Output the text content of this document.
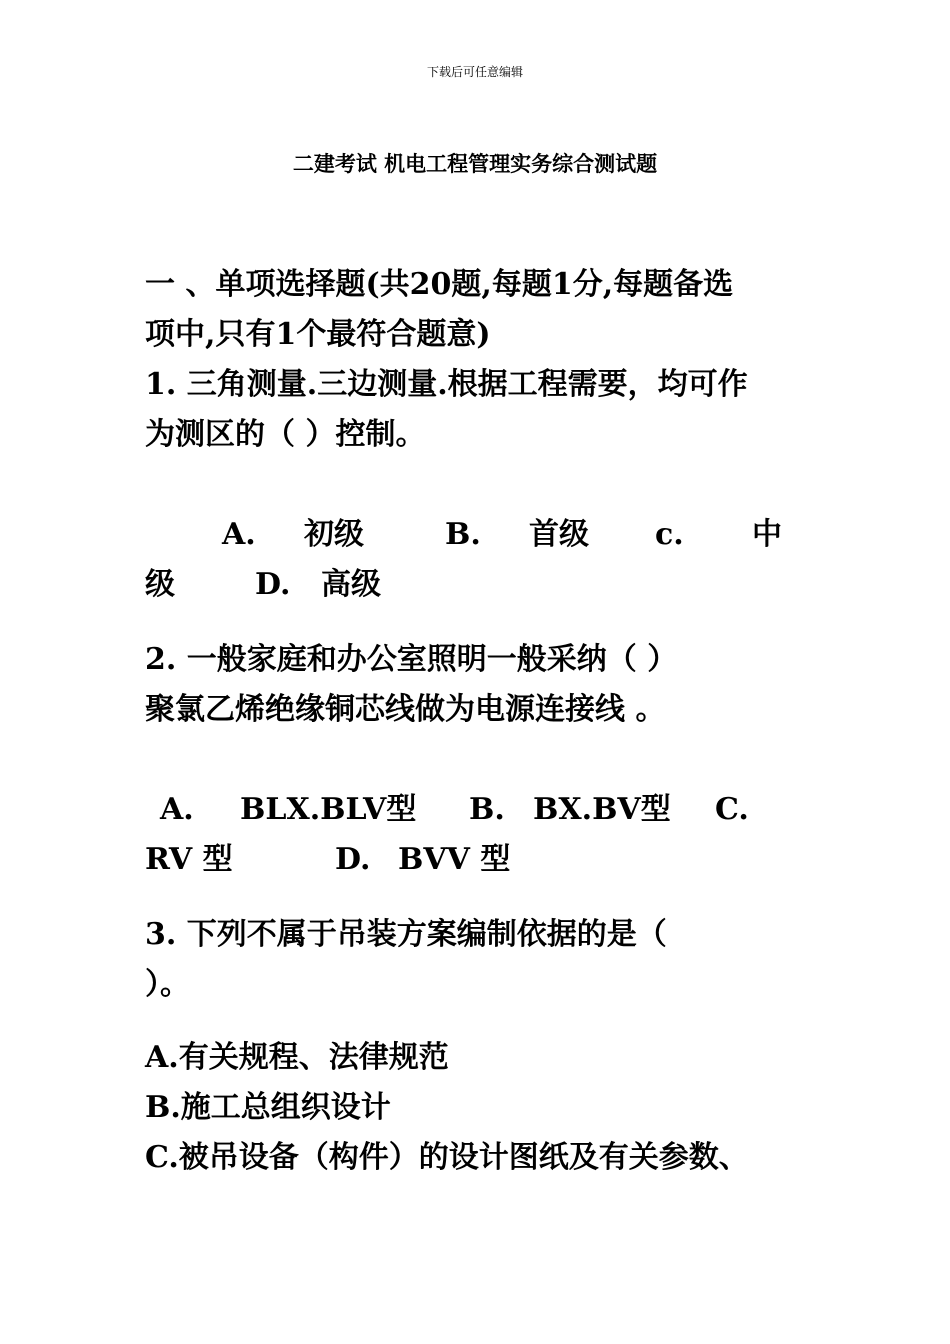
下载后可任意编辑
二建考试 机电工程管理实务综合测试题
一 、单项选择题(共20题,每题1分,每题备选
项中,只有1个最符合题意)
1. 三角测量.三边测量.根据工程需要，均可作
为测区的（ ）控制。
A. 初级	B. 首级 c. 中
级	D. 高级
2. 一般家庭和办公室照明一般采纳（ ）
聚氯乙烯绝缘铜芯线做为电源连接线 。
A. BLX.BLV型 B. BX.BV型 C.
RV 型	D. BVV 型
3. 下列不属于吊装方案编制依据的是（
）。
A.有关规程、法律规范
B.施工总组织设计
C.被吊设备（构件）的设计图纸及有关参数、
